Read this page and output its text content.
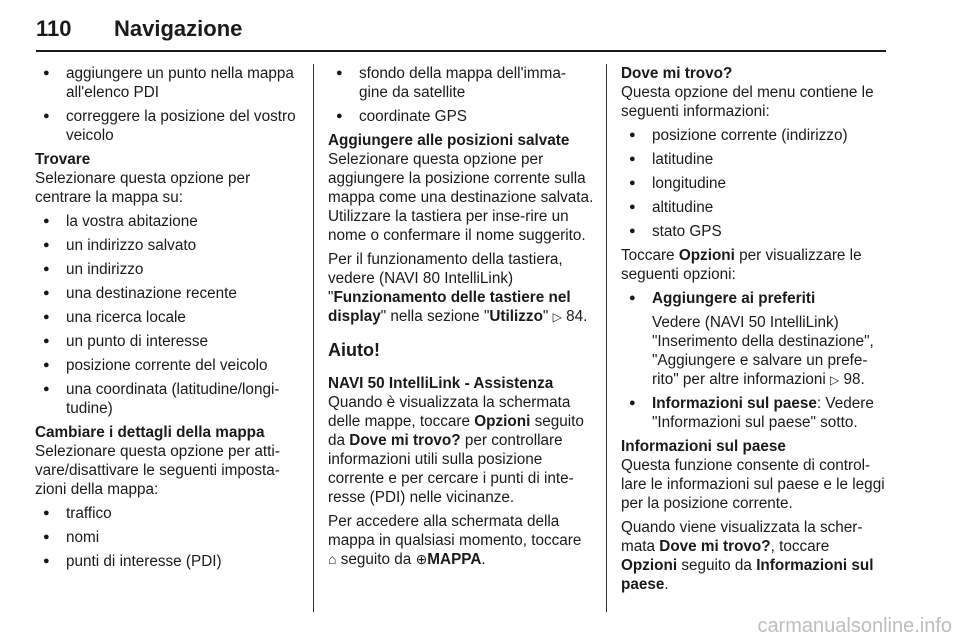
110 Navigazione
● aggiungere un punto nella mappa all'elenco PDI
● correggere la posizione del vostro veicolo
Trovare

Selezionare questa opzione per centrare la mappa su:

● la vostra abitazione
● un indirizzo salvato
● un indirizzo
● una destinazione recente
● una ricerca locale
● un punto di interesse
● posizione corrente del veicolo
● una coordinata (latitudine/longi-tudine)
Cambiare i dettagli della mappa

Selezionare questa opzione per atti-vare/disattivare le seguenti imposta-zioni della mappa:

● traffico
● nomi
● punti di interesse (PDI)
● sfondo della mappa dell'imma-gine da satellite
● coordinate GPS
Aggiungere alle posizioni salvate

Selezionare questa opzione per aggiungere la posizione corrente sulla mappa come una destinazione salvata. Utilizzare la tastiera per inse-rire un nome o confermare il nome suggerito.

Per il funzionamento della tastiera, vedere (NAVI 80 IntelliLink)
"Funzionamento delle tastiere nel display" nella sezione "Utilizzo" ▷ 84.

Aiuto!
NAVI 50 IntelliLink - Assistenza

Quando è visualizzata la schermata delle mappe, toccare Opzioni seguito da Dove mi trovo? per controllare informazioni utili sulla posizione corrente e per cercare i punti di inte-resse (PDI) nelle vicinanze.

Per accedere alla schermata della mappa in qualsiasi momento, toccare ⌂ seguito da ⊕MAPPA.

Dove mi trovo?

Questa opzione del menu contiene le seguenti informazioni:

● posizione corrente (indirizzo)
● latitudine
● longitudine
● altitudine
● stato GPS

Toccare Opzioni per visualizzare le seguenti opzioni:

● Aggiungere ai preferiti
Vedere (NAVI 50 IntelliLink) "Inserimento della destinazione", "Aggiungere e salvare un prefe-rito" per altre informazioni ▷ 98.
● Informazioni sul paese: Vedere "Informazioni sul paese" sotto.
Informazioni sul paese

Questa funzione consente di control-lare le informazioni sul paese e le leggi per la posizione corrente.

Quando viene visualizzata la scher-mata Dove mi trovo?, toccare
Opzioni seguito da Informazioni sul paese.

carmanualsonline.info
